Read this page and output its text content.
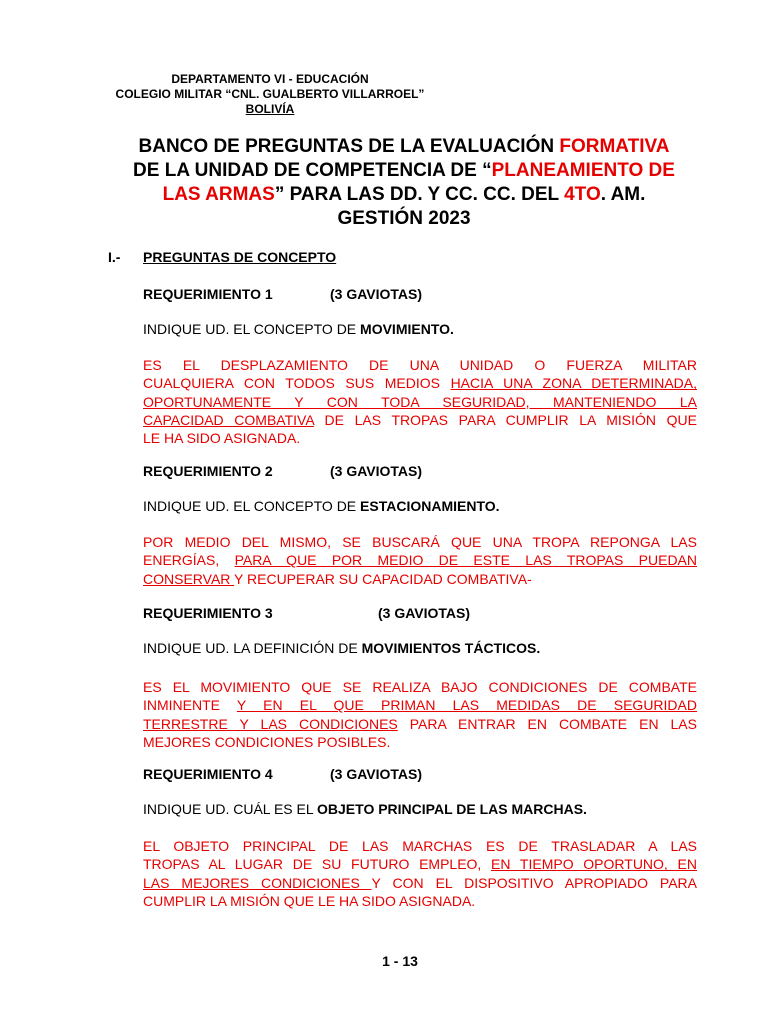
DEPARTAMENTO VI - EDUCACIÓN
COLEGIO MILITAR “CNL. GUALBERTO VILLARROEL”
BOLIVÍA
BANCO DE PREGUNTAS DE LA EVALUACIÓN FORMATIVA
DE LA UNIDAD DE COMPETENCIA DE “PLANEAMIENTO DE
LAS ARMAS” PARA LAS DD. Y CC. CC. DEL 4TO. AM.
GESTIÓN 2023
I.- PREGUNTAS DE CONCEPTO
REQUERIMIENTO 1	(3 GAVIOTAS)
INDIQUE UD. EL CONCEPTO DE MOVIMIENTO.
ES EL DESPLAZAMIENTO DE UNA UNIDAD O FUERZA MILITAR
CUALQUIERA CON TODOS SUS MEDIOS HACIA UNA ZONA DETERMINADA,
OPORTUNAMENTE Y CON TODA SEGURIDAD, MANTENIENDO LA
CAPACIDAD COMBATIVA DE LAS TROPAS PARA CUMPLIR LA MISIÓN QUE
LE HA SIDO ASIGNADA.
REQUERIMIENTO 2	(3 GAVIOTAS)
INDIQUE UD. EL CONCEPTO DE ESTACIONAMIENTO.
POR MEDIO DEL MISMO, SE BUSCARÁ QUE UNA TROPA REPONGA LAS
ENERGÍAS, PARA QUE POR MEDIO DE ESTE LAS TROPAS PUEDAN
CONSERVAR Y RECUPERAR SU CAPACIDAD COMBATIVA-
REQUERIMIENTO 3	(3 GAVIOTAS)
INDIQUE UD. LA DEFINICIÓN DE MOVIMIENTOS TÁCTICOS.
ES EL MOVIMIENTO QUE SE REALIZA BAJO CONDICIONES DE COMBATE
INMINENTE Y EN EL QUE PRIMAN LAS MEDIDAS DE SEGURIDAD
TERRESTRE Y LAS CONDICIONES PARA ENTRAR EN COMBATE EN LAS
MEJORES CONDICIONES POSIBLES.
REQUERIMIENTO 4	(3 GAVIOTAS)
INDIQUE UD. CUÁL ES EL OBJETO PRINCIPAL DE LAS MARCHAS.
EL OBJETO PRINCIPAL DE LAS MARCHAS ES DE TRASLADAR A LAS
TROPAS AL LUGAR DE SU FUTURO EMPLEO, EN TIEMPO OPORTUNO, EN
LAS MEJORES CONDICIONES Y CON EL DISPOSITIVO APROPIADO PARA
CUMPLIR LA MISIÓN QUE LE HA SIDO ASIGNADA.
1 - 13
